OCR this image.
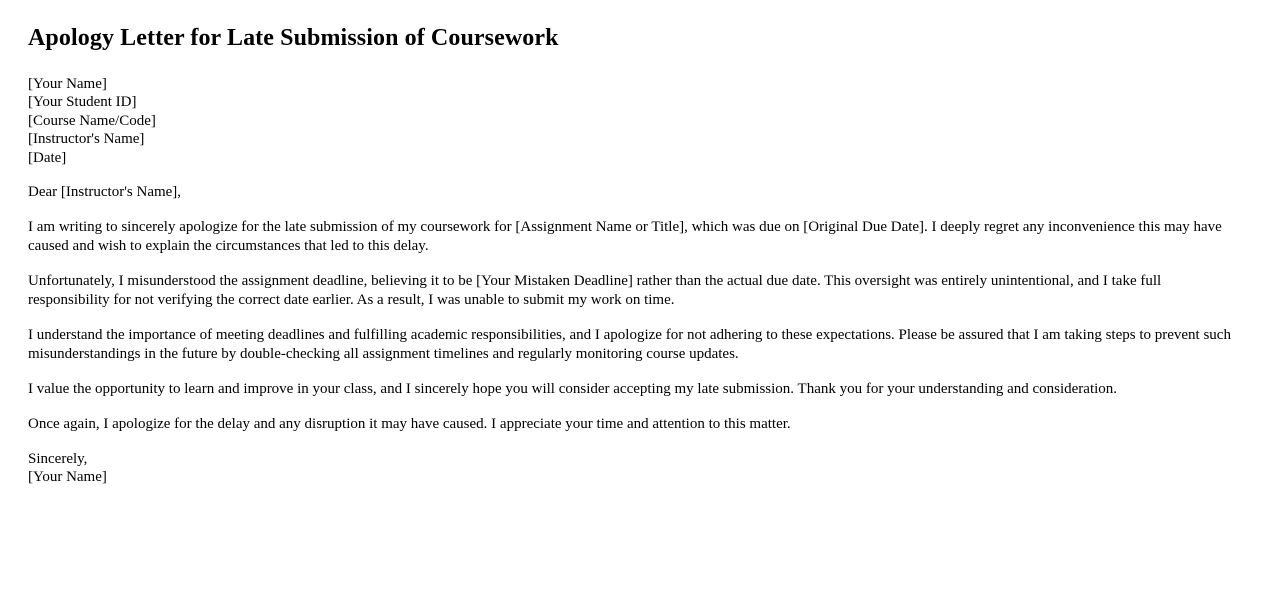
Apology Letter for Late Submission of Coursework
[Your Name]
[Your Student ID]
[Course Name/Code]
[Instructor's Name]
[Date]
Dear [Instructor's Name],

I am writing to sincerely apologize for the late submission of my coursework for [Assignment Name or Title], which was due on [Original Due Date]. I deeply regret any inconvenience this may have caused and wish to explain the circumstances that led to this delay.

Unfortunately, I misunderstood the assignment deadline, believing it to be [Your Mistaken Deadline] rather than the actual due date. This oversight was entirely unintentional, and I take full responsibility for not verifying the correct date earlier. As a result, I was unable to submit my work on time.

I understand the importance of meeting deadlines and fulfilling academic responsibilities, and I apologize for not adhering to these expectations. Please be assured that I am taking steps to prevent such misunderstandings in the future by double-checking all assignment timelines and regularly monitoring course updates.

I value the opportunity to learn and improve in your class, and I sincerely hope you will consider accepting my late submission. Thank you for your understanding and consideration.

Once again, I apologize for the delay and any disruption it may have caused. I appreciate your time and attention to this matter.

Sincerely,
[Your Name]
